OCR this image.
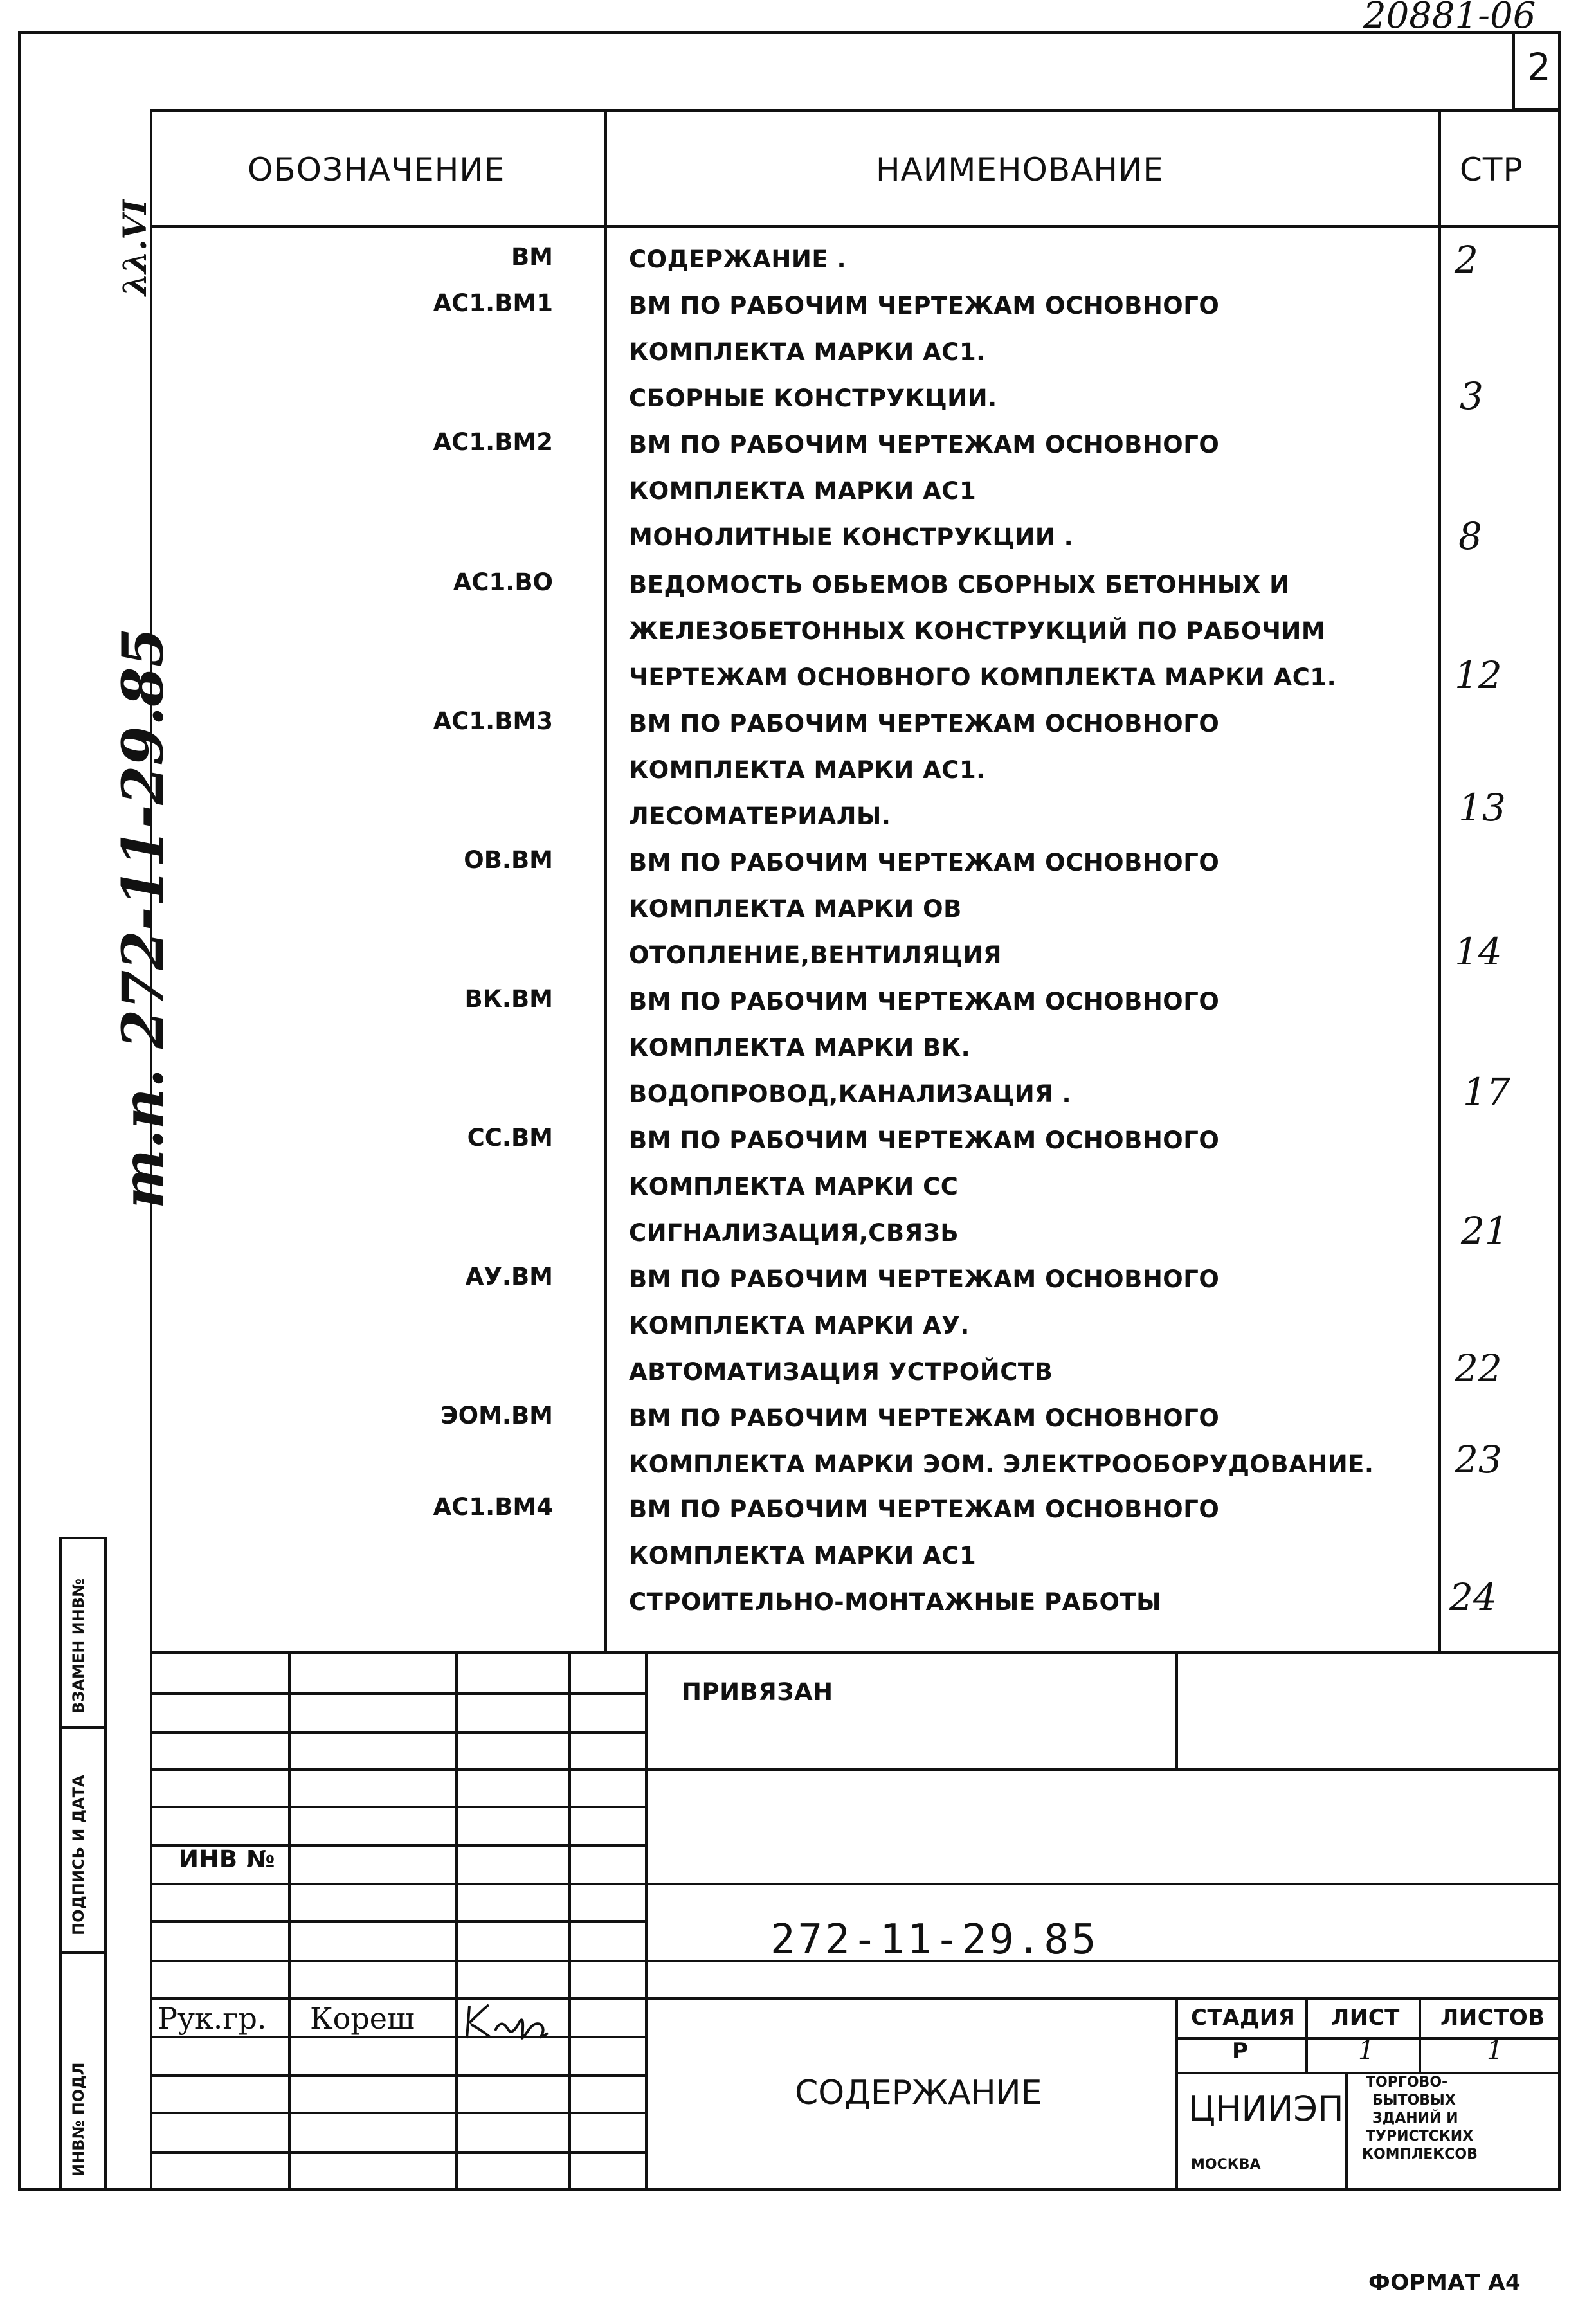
20881-06
2
т.п. 272-11-29.85
λλ.VI
ОБОЗНАЧЕНИЕ	НАИМЕНОВАНИЕ	СТР
ВМ	СОДЕРЖАНИЕ .	2
АС1.ВМ1	ВМ ПО РАБОЧИМ ЧЕРТЕЖАМ ОСНОВНОГО
КОМПЛЕКТА МАРКИ АС1.
СБОРНЫЕ КОНСТРУКЦИИ.	3
АС1.ВМ2	ВМ ПО РАБОЧИМ ЧЕРТЕЖАМ ОСНОВНОГО
КОМПЛЕКТА МАРКИ АС1
МОНОЛИТНЫЕ КОНСТРУКЦИИ .	8
АС1.ВО	ВЕДОМОСТЬ ОБЬЕМОВ СБОРНЫХ БЕТОННЫХ И
ЖЕЛЕЗОБЕТОННЫХ КОНСТРУКЦИЙ ПО РАБОЧИМ
ЧЕРТЕЖАМ ОСНОВНОГО КОМПЛЕКТА МАРКИ АС1.	12
АС1.ВМ3	ВМ ПО РАБОЧИМ ЧЕРТЕЖАМ ОСНОВНОГО
КОМПЛЕКТА МАРКИ АС1.
ЛЕСОМАТЕРИАЛЫ.	13
ОВ.ВМ	ВМ ПО РАБОЧИМ ЧЕРТЕЖАМ ОСНОВНОГО
КОМПЛЕКТА МАРКИ ОВ
ОТОПЛЕНИЕ,ВЕНТИЛЯЦИЯ	14
ВК.ВМ	ВМ ПО РАБОЧИМ ЧЕРТЕЖАМ ОСНОВНОГО
КОМПЛЕКТА МАРКИ ВК.
ВОДОПРОВОД,КАНАЛИЗАЦИЯ .	17
СС.ВМ	ВМ ПО РАБОЧИМ ЧЕРТЕЖАМ ОСНОВНОГО
КОМПЛЕКТА МАРКИ СС
СИГНАЛИЗАЦИЯ,СВЯЗЬ	21
АУ.ВМ	ВМ ПО РАБОЧИМ ЧЕРТЕЖАМ ОСНОВНОГО
КОМПЛЕКТА МАРКИ АУ.
АВТОМАТИЗАЦИЯ УСТРОЙСТВ	22
ЭОМ.ВМ	ВМ ПО РАБОЧИМ ЧЕРТЕЖАМ ОСНОВНОГО
КОМПЛЕКТА МАРКИ ЭОМ. ЭЛЕКТРООБОРУДОВАНИЕ. 23
АС1.ВМ4	ВМ ПО РАБОЧИМ ЧЕРТЕЖАМ ОСНОВНОГО
КОМПЛЕКТА МАРКИ АС1
СТРОИТЕЛЬНО-МОНТАЖНЫЕ РАБОТЫ	24
ВЗАМЕН ИНВ№
ПОДПИСЬ И ДАТА
ИНВ№ ПОДЛ
ПРИВЯЗАН
ИНВ №
272-11-29.85
Рук.гр. Кореш
СОДЕРЖАНИЕ
СТАДИЯ ЛИСТ ЛИСТОВ
Р	1	1
ЦНИИЭП
МОСКВА
ТОРГОВО-
БЫТОВЫХ
ЗДАНИЙ И
ТУРИСТСКИХ
КОМПЛЕКСОВ
ФОРМАТ А4
